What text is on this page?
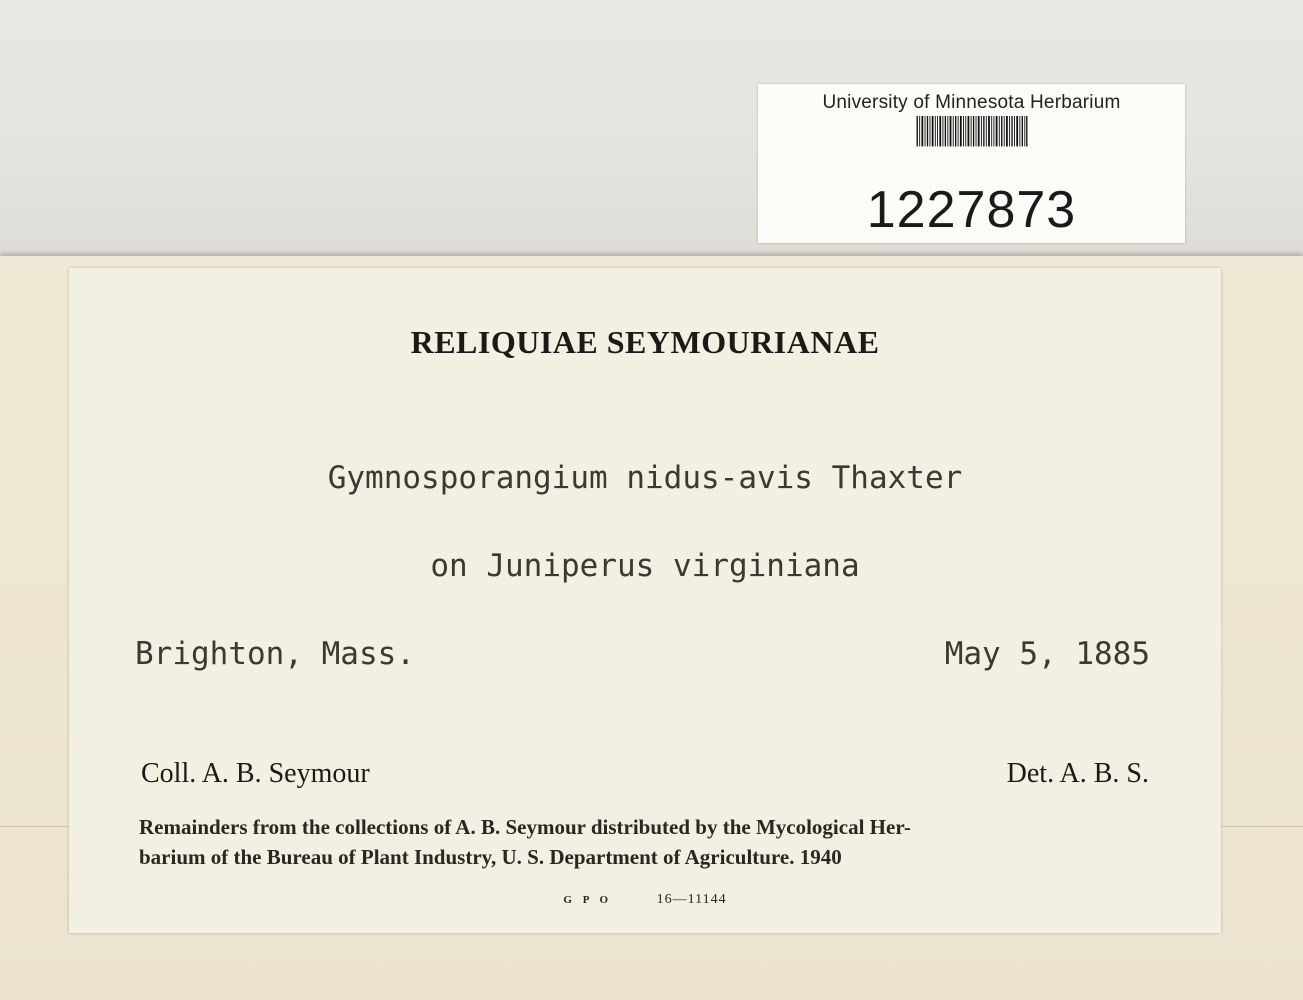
University of Minnesota Herbarium
1227873
RELIQUIAE SEYMOURIANAE
Gymnosporangium nidus-avis Thaxter
on Juniperus virginiana
Brighton, Mass.	May 5, 1885
Coll. A. B. Seymour	Det. A. B. S.
Remainders from the collections of A. B. Seymour distributed by the Mycological Her-
barium of the Bureau of Plant Industry, U. S. Department of Agriculture. 1940
G P O	16—11144
